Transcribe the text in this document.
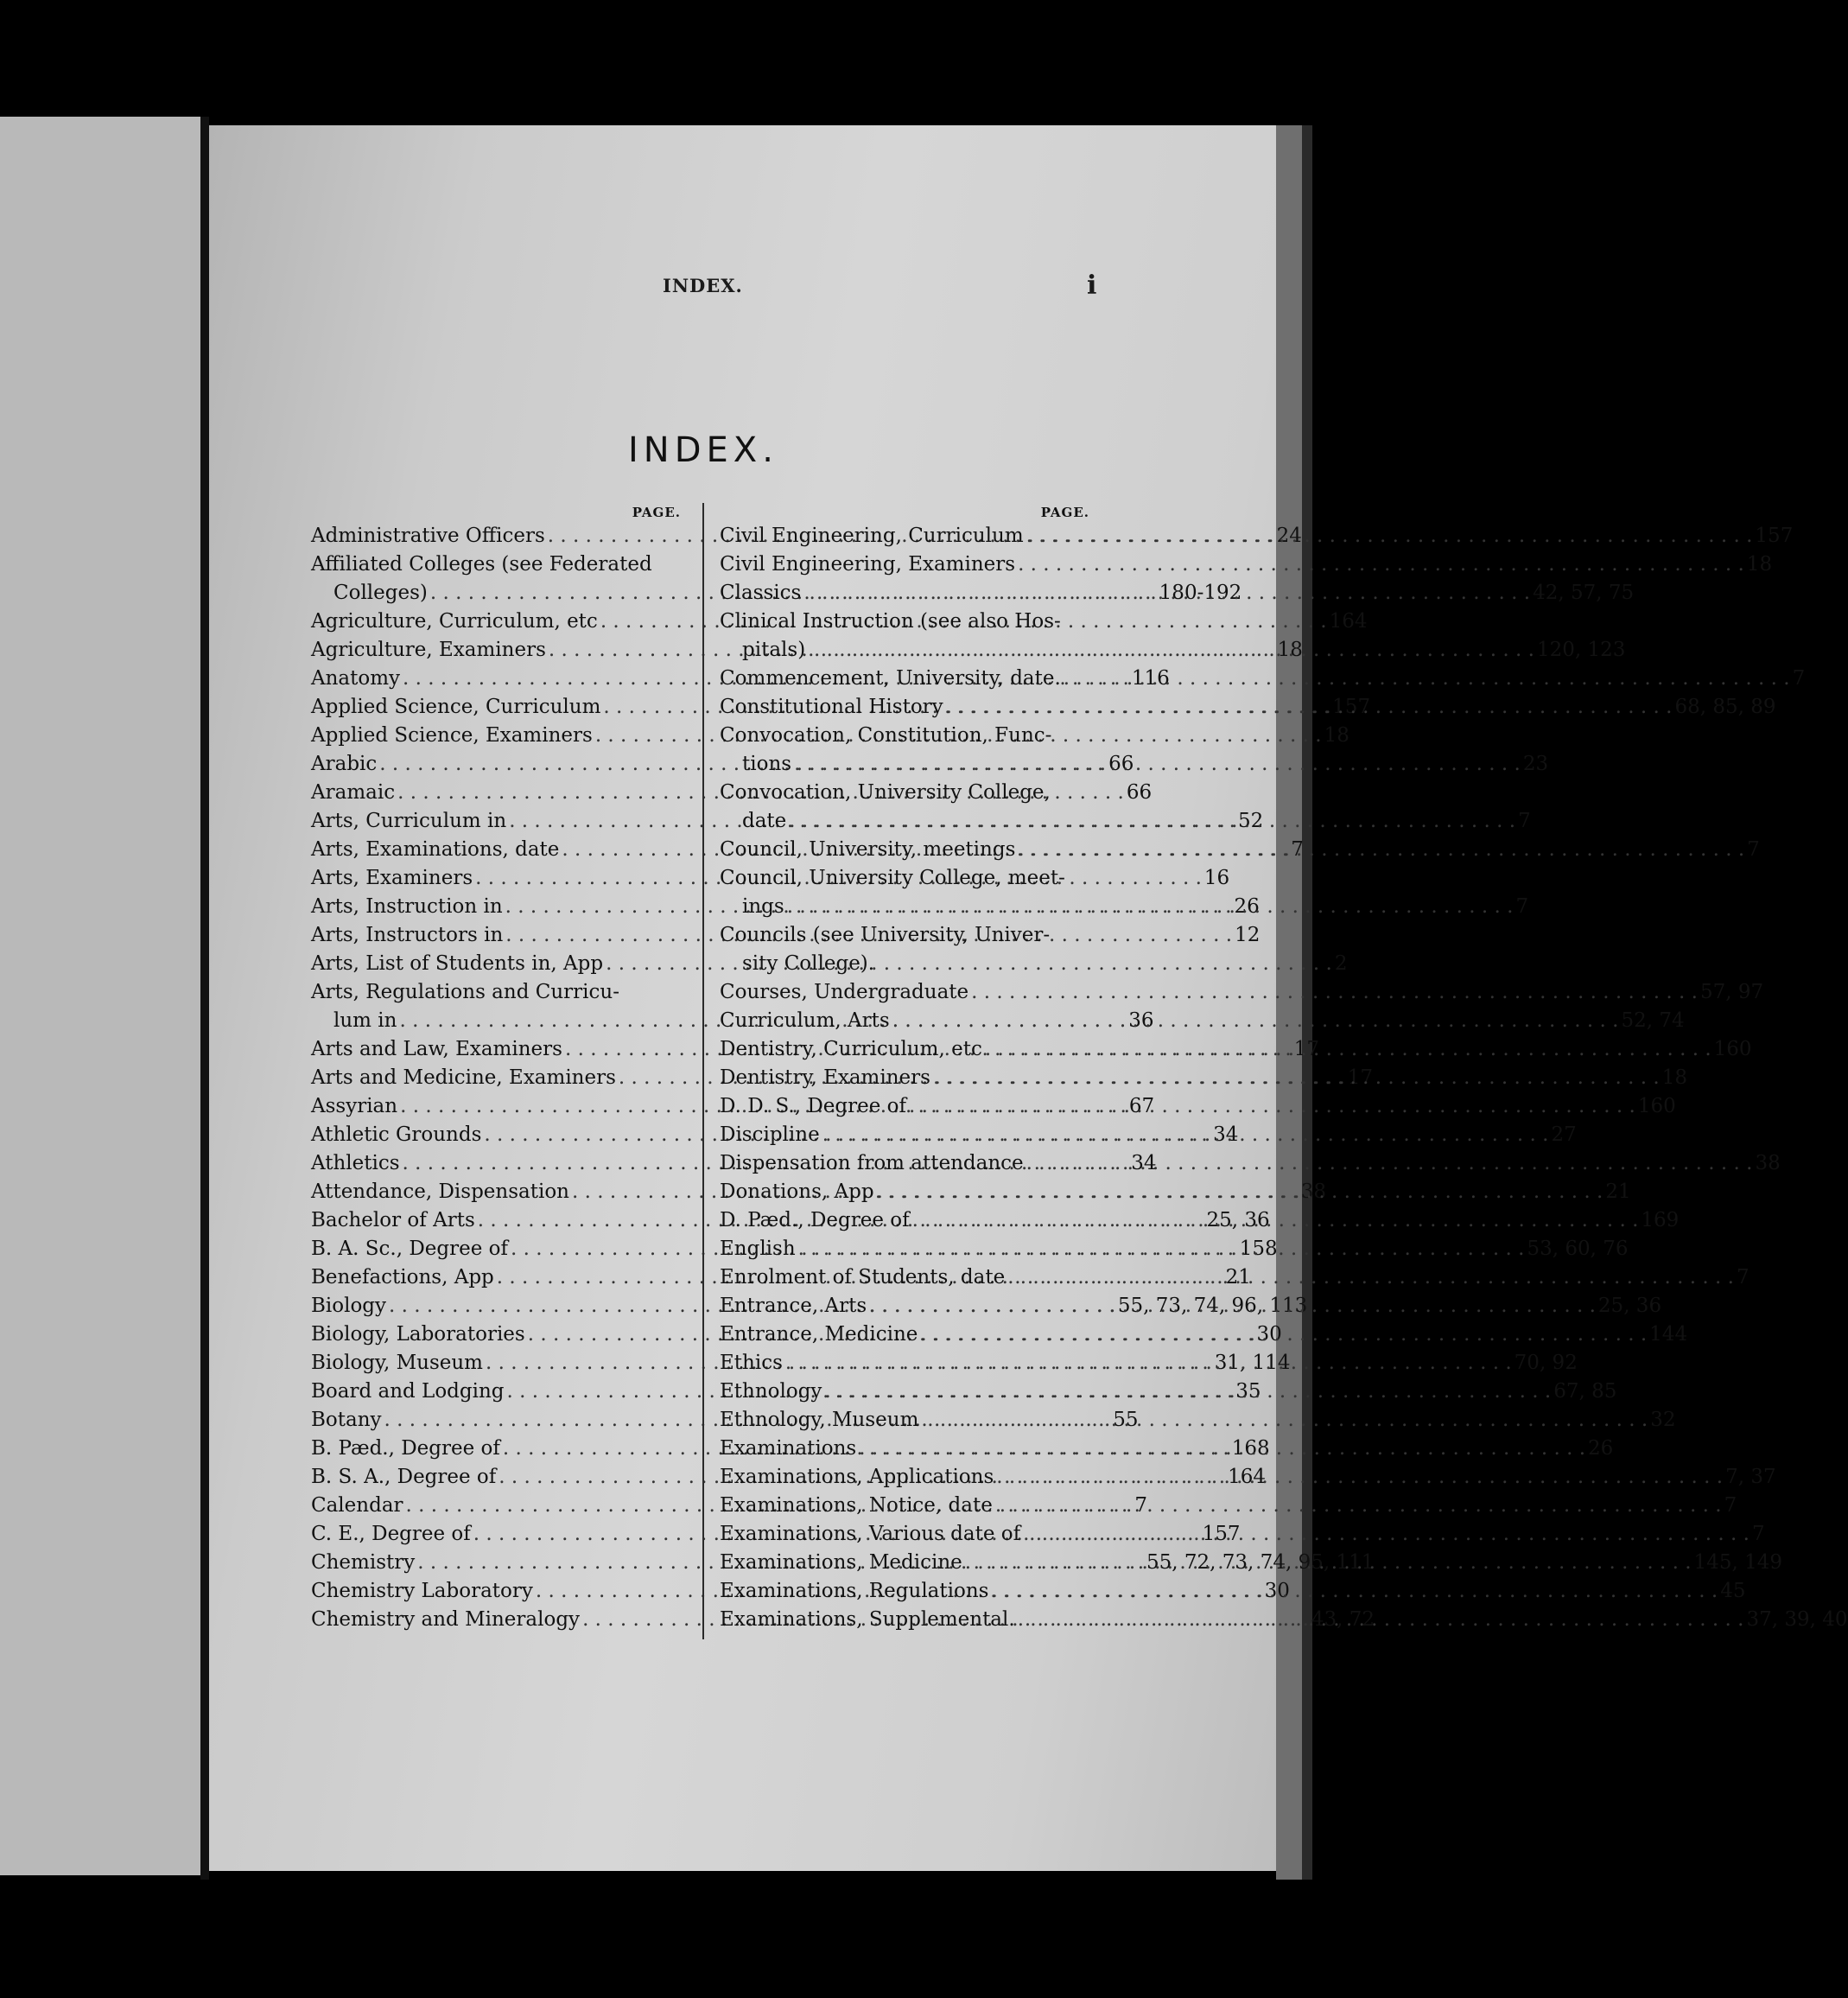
INDEX.	i
INDEX.
PAGE.
Administrative Officers . . .	24
Affiliated Colleges (see Federated
Colleges) . . .	180-192
Agriculture, Curriculum, etc . . .	164
Agriculture, Examiners . . .	18
Anatomy . . .	116
Applied Science, Curriculum . . .	157
Applied Science, Examiners . . .	18
Arabic . . .	66
Aramaic . . .	66
Arts, Curriculum in . . .	52
Arts, Examinations, date . . .	7
Arts, Examiners . . .	16
Arts, Instruction in . . .	26
Arts, Instructors in . . .	12
Arts, List of Students in, App . . .	2
Arts, Regulations and Curricu-
lum in . . .	36
Arts and Law, Examiners . . .	17
Arts and Medicine, Examiners . . .	17
Assyrian . . .	67
Athletic Grounds . . .	34
Athletics . . .	34
Attendance, Dispensation . . .	38
Bachelor of Arts . . .	25, 36
B. A. Sc., Degree of . . .	158
Benefactions, App . . .	21
Biology . . .	55, 73, 74, 96, 113
Biology, Laboratories . . .	30
Biology, Museum . . .	31, 114
Board and Lodging . . .	35
Botany . . .	55
B. Pæd., Degree of . . .	168
B. S. A., Degree of . . .	164
Calendar . . .	7
C. E., Degree of . . .	157
Chemistry . . .	55, 72, 73, 74, 95, 111
Chemistry Laboratory . . .	30
Chemistry and Mineralogy . . .	43, 72
PAGE.
Civil Engineering, Curriculum . . .	157
Civil Engineering, Examiners . . .	18
Classics . . .	42, 57, 75
Clinical Instruction (see also Hos-
pitals) . . .	120, 123
Commencement, University, date. . . .	7
Constitutional History . . .	68, 85, 89
Convocation, Constitution, Func-
tions . . .	23
Convocation, University College,
date . . .	7
Council, University, meetings . . .	7
Council, University College, meet-
ings . . .	7
Councils (see University, Univer-
sity College).
Courses, Undergraduate . . .	57, 97
Curriculum, Arts . . .	52, 74
Dentistry, Curriculum, etc . . .	160
Dentistry, Examiners . . .	18
D. D. S., Degree of . . .	160
Discipline . . .	27
Dispensation from attendance . . .	38
Donations, App . . .	21
D. Pæd., Degree of . . .	169
English . . .	53, 60, 76
Enrolment of Students, date . . .	7
Entrance, Arts . . .	25, 36
Entrance, Medicine . . .	144
Ethics . . .	70, 92
Ethnology . . .	67, 85
Ethnology, Museum . . .	32
Examinations . . .	26
Examinations, Applications . . .	7, 37
Examinations, Notice, date . . .	7
Examinations, Various date of . . .	7
Examinations, Medicine . . .	145, 149
Examinations, Regulations . . .	45
Examinations, Supplemental. . . .	37, 39, 40
